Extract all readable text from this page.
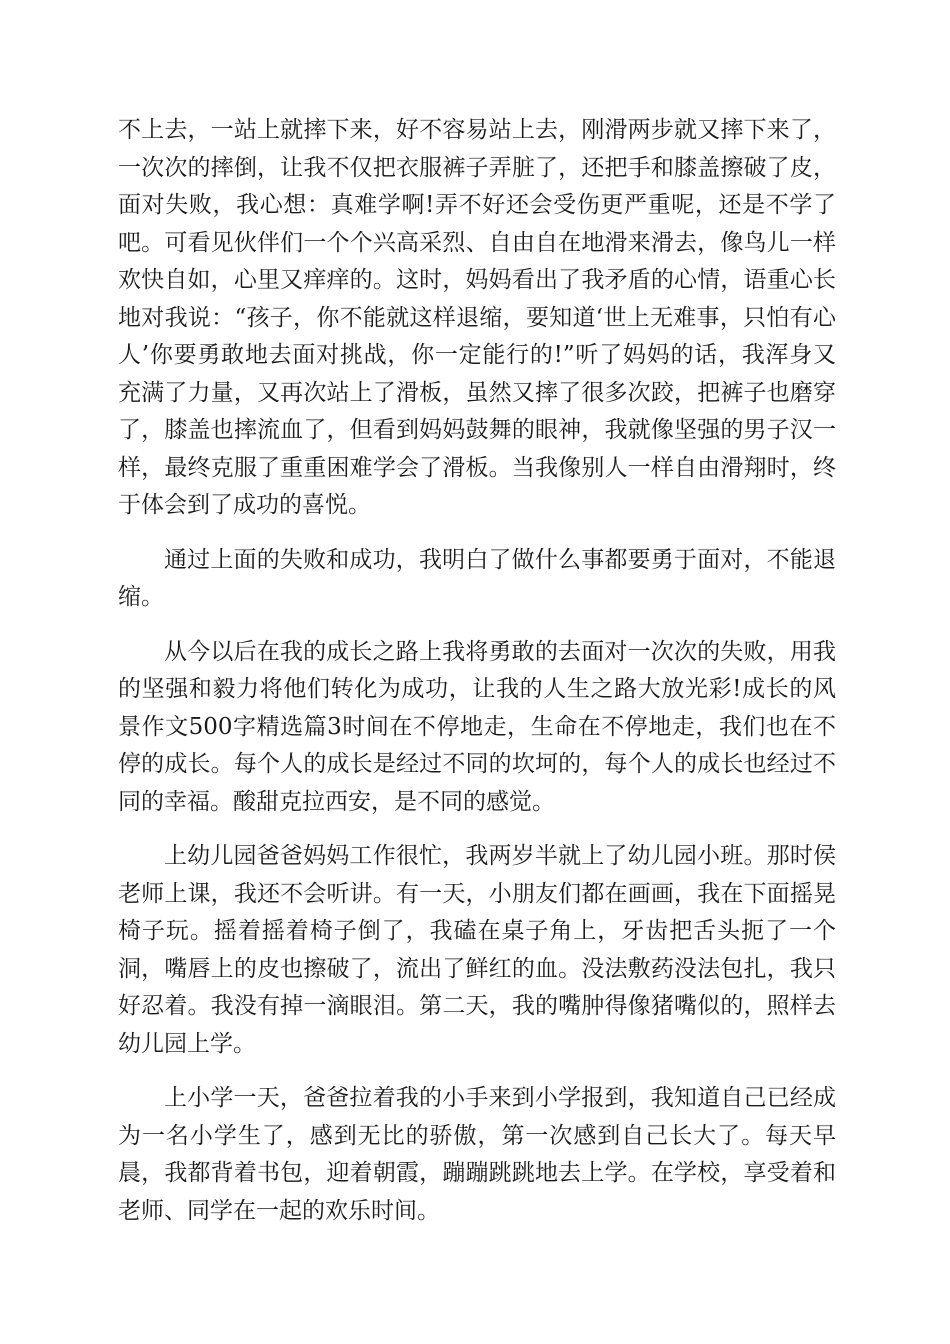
不上去，一站上就摔下来，好不容易站上去，刚滑两步就又摔下来了，一次次的摔倒，让我不仅把衣服裤子弄脏了，还把手和膝盖擦破了皮，面对失败，我心想：真难学啊!弄不好还会受伤更严重呢，还是不学了吧。可看见伙伴们一个个兴高采烈、自由自在地滑来滑去，像鸟儿一样欢快自如，心里又痒痒的。这时，妈妈看出了我矛盾的心情，语重心长地对我说：“孩子，你不能就这样退缩，要知道‘世上无难事，只怕有心人’你要勇敢地去面对挑战，你一定能行的!”听了妈妈的话，我浑身又充满了力量，又再次站上了滑板，虽然又摔了很多次跤，把裤子也磨穿了，膝盖也摔流血了，但看到妈妈鼓舞的眼神，我就像坚强的男子汉一样，最终克服了重重困难学会了滑板。当我像别人一样自由滑翔时，终于体会到了成功的喜悦。

通过上面的失败和成功，我明白了做什么事都要勇于面对，不能退缩。

从今以后在我的成长之路上我将勇敢的去面对一次次的失败，用我的坚强和毅力将他们转化为成功，让我的人生之路大放光彩!成长的风景作文500字精选篇3时间在不停地走，生命在不停地走，我们也在不停的成长。每个人的成长是经过不同的坎坷的，每个人的成长也经过不同的幸福。酸甜克拉西安，是不同的感觉。

上幼儿园爸爸妈妈工作很忙，我两岁半就上了幼儿园小班。那时侯老师上课，我还不会听讲。有一天，小朋友们都在画画，我在下面摇晃椅子玩。摇着摇着椅子倒了，我磕在桌子角上，牙齿把舌头扼了一个洞，嘴唇上的皮也擦破了，流出了鲜红的血。没法敷药没法包扎，我只好忍着。我没有掉一滴眼泪。第二天，我的嘴肿得像猪嘴似的，照样去幼儿园上学。

上小学一天，爸爸拉着我的小手来到小学报到，我知道自己已经成为一名小学生了，感到无比的骄傲，第一次感到自己长大了。每天早晨，我都背着书包，迎着朝霞，蹦蹦跳跳地去上学。在学校，享受着和老师、同学在一起的欢乐时间。
